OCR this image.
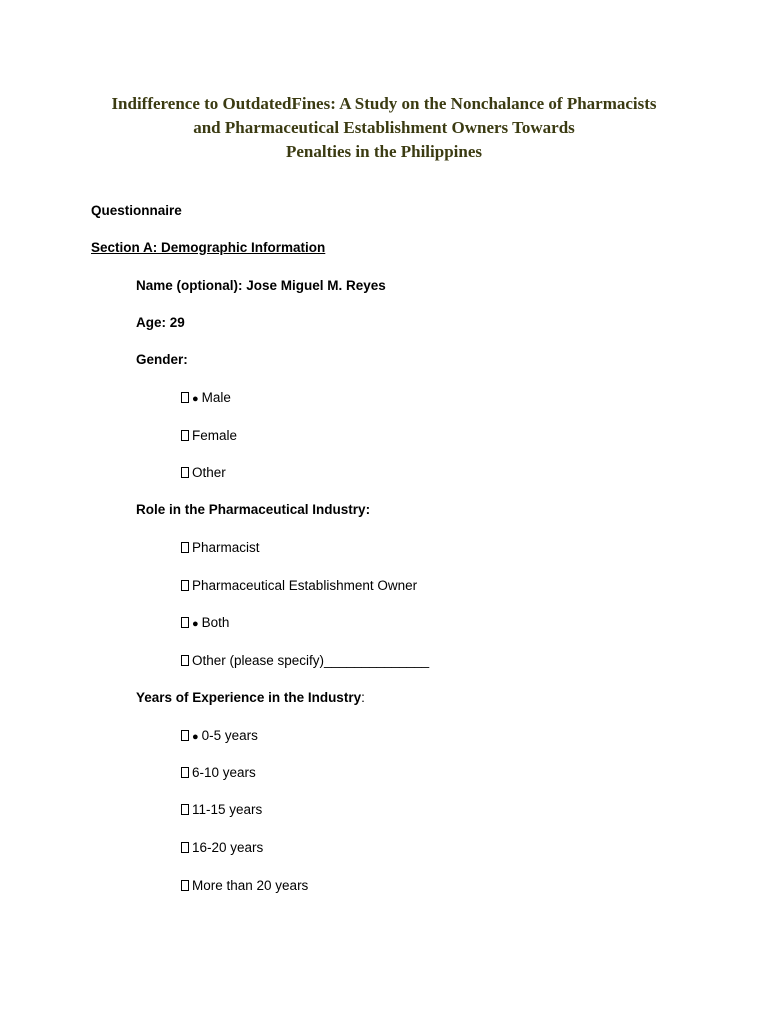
Indifference to OutdatedFines: A Study on the Nonchalance of Pharmacists
and Pharmaceutical Establishment Owners Towards
Penalties in the Philippines
Questionnaire
Section A: Demographic Information
Name (optional): Jose Miguel M. Reyes
Age: 29
Gender:
● Male
Female
Other
Role in the Pharmaceutical Industry:
Pharmacist
Pharmaceutical Establishment Owner
● Both
Other (please specify)______________
Years of Experience in the Industry:
● 0-5 years
6-10 years
11-15 years
16-20 years
More than 20 years
